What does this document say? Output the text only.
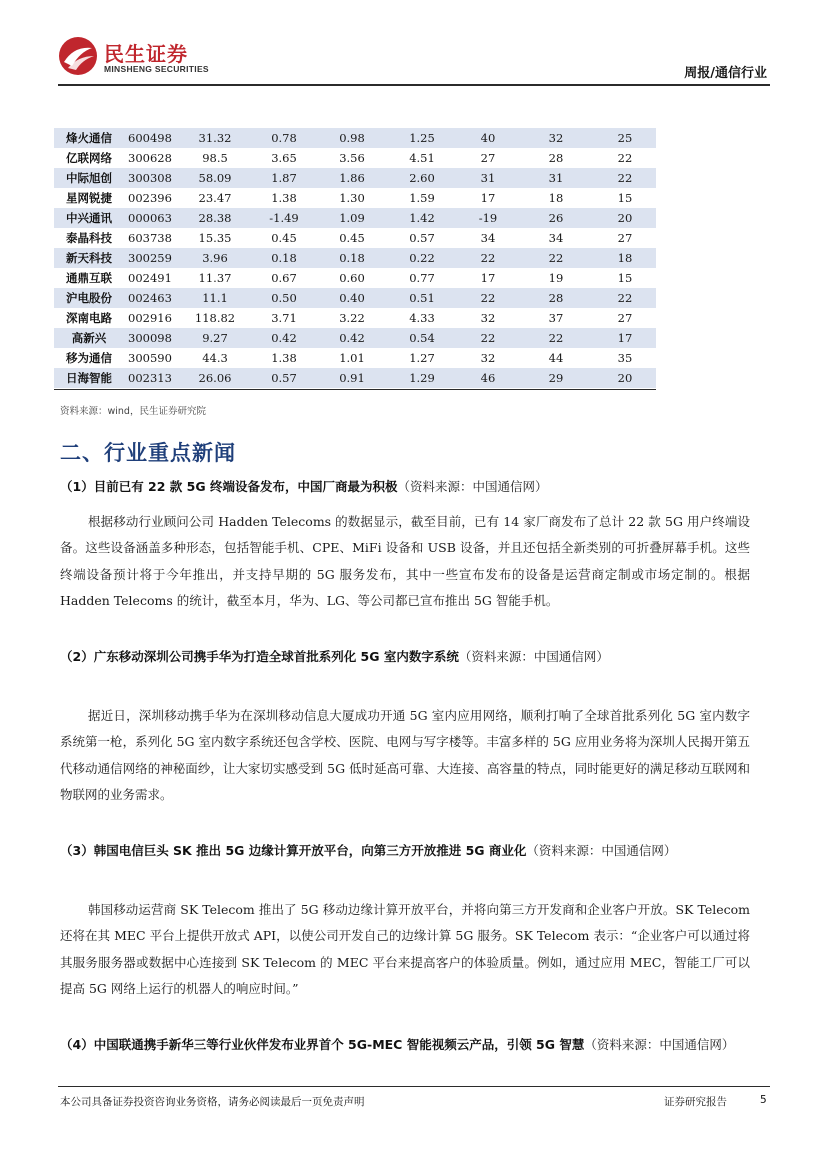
民生证券
MINSHENG SECURITIES	周报/通信行业
烽火通信	600498	31.32	0.78	0.98	1.25	40	32	25
亿联网络	300628	98.5	3.65	3.56	4.51	27	28	22
中际旭创	300308	58.09	1.87	1.86	2.60	31	31	22
星网锐捷	002396	23.47	1.38	1.30	1.59	17	18	15
中兴通讯	000063	28.38	-1.49	1.09	1.42	-19	26	20
泰晶科技	603738	15.35	0.45	0.45	0.57	34	34	27
新天科技	300259	3.96	0.18	0.18	0.22	22	22	18
通鼎互联	002491	11.37	0.67	0.60	0.77	17	19	15
沪电股份	002463	11.1	0.50	0.40	0.51	22	28	22
深南电路	002916	118.82	3.71	3.22	4.33	32	37	27
高新兴	300098	9.27	0.42	0.42	0.54	22	22	17
移为通信	300590	44.3	1.38	1.01	1.27	32	44	35
日海智能	002313	26.06	0.57	0.91	1.29	46	29	20
资料来源：wind，民生证券研究院
二、行业重点新闻
（1）目前已有 22 款 5G 终端设备发布，中国厂商最为积极（资料来源：中国通信网）
根据移动行业顾问公司 Hadden Telecoms 的数据显示，截至目前，已有 14 家厂商发布了总计 22 款 5G 用户终端设备。这些设备涵盖多种形态，包括智能手机、CPE、MiFi 设备和 USB 设备，并且还包括全新类别的可折叠屏幕手机。这些终端设备预计将于今年推出，并支持早期的 5G 服务发布，其中一些宣布发布的设备是运营商定制或市场定制的。根据 Hadden Telecoms 的统计，截至本月，华为、LG、等公司都已宣布推出 5G 智能手机。
（2）广东移动深圳公司携手华为打造全球首批系列化 5G 室内数字系统（资料来源：中国通信网）
据近日，深圳移动携手华为在深圳移动信息大厦成功开通 5G 室内应用网络，顺利打响了全球首批系列化 5G 室内数字系统第一枪，系列化 5G 室内数字系统还包含学校、医院、电网与写字楼等。丰富多样的 5G 应用业务将为深圳人民揭开第五代移动通信网络的神秘面纱，让大家切实感受到 5G 低时延高可靠、大连接、高容量的特点，同时能更好的满足移动互联网和物联网的业务需求。
（3）韩国电信巨头 SK 推出 5G 边缘计算开放平台，向第三方开放推进 5G 商业化（资料来源：中国通信网）
韩国移动运营商 SK Telecom 推出了 5G 移动边缘计算开放平台，并将向第三方开发商和企业客户开放。SK Telecom 还将在其 MEC 平台上提供开放式 API，以使公司开发自己的边缘计算 5G 服务。SK Telecom 表示：“企业客户可以通过将其服务服务器或数据中心连接到 SK Telecom 的 MEC 平台来提高客户的体验质量。例如，通过应用 MEC，智能工厂可以提高 5G 网络上运行的机器人的响应时间。”
（4）中国联通携手新华三等行业伙伴发布业界首个 5G-MEC 智能视频云产品，引领 5G 智慧（资料来源：中国通信网）
本公司具备证券投资咨询业务资格，请务必阅读最后一页免责声明	证券研究报告	5
